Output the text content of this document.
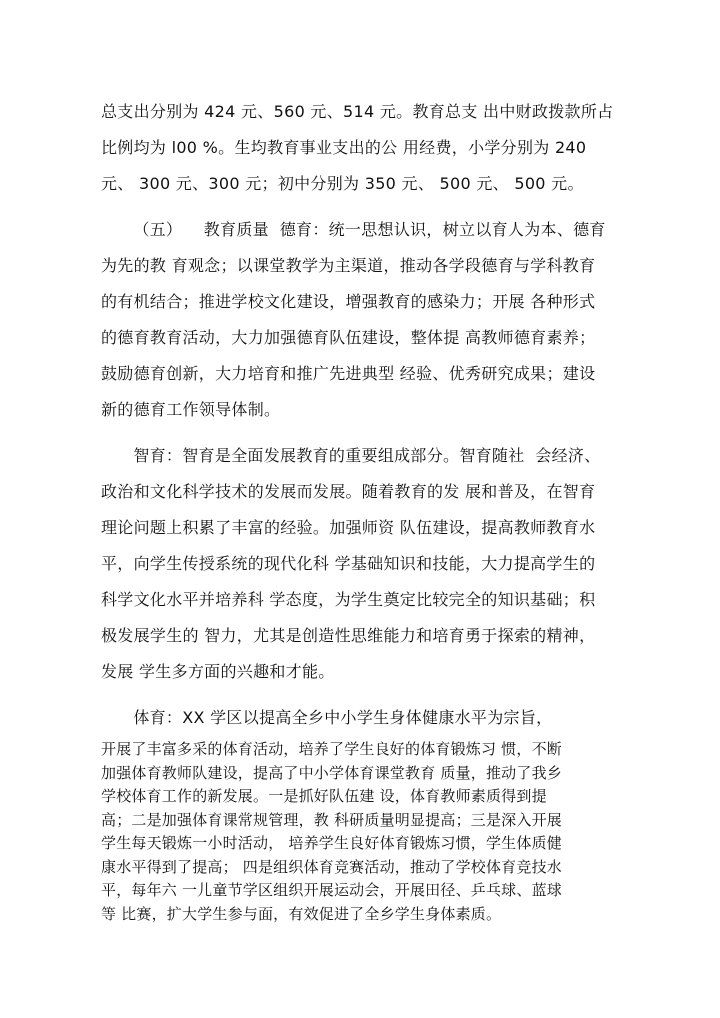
总支出分别为 424 元、560 元、514 元。教育总支 出中财政拨款所占
比例均为 l00 %。生均教育事业支出的公 用经费，小学分别为 240
元、 300 元、300 元；初中分别为 350 元、 500 元、 500 元。
（五）    教育质量  德育：统一思想认识，树立以育人为本、德育
为先的教 育观念；以课堂教学为主渠道，推动各学段德育与学科教育
的有机结合；推进学校文化建设，增强教育的感染力；开展 各种形式
的德育教育活动，大力加强德育队伍建设，整体提 高教师德育素养；
鼓励德育创新，大力培育和推广先进典型 经验、优秀研究成果；建设
新的德育工作领导体制。
智育：智育是全面发展教育的重要组成部分。智育随社  会经济、
政治和文化科学技术的发展而发展。随着教育的发 展和普及，在智育
理论问题上积累了丰富的经验。加强师资 队伍建设，提高教师教育水
平，向学生传授系统的现代化科 学基础知识和技能，大力提高学生的
科学文化水平并培养科 学态度，为学生奠定比较完全的知识基础；积
极发展学生的 智力，尤其是创造性思维能力和培育勇于探索的精神，
发展 学生多方面的兴趣和才能。
体育：XX 学区以提高全乡中小学生身体健康水平为宗旨，
开展了丰富多采的体育活动，培养了学生良好的体育锻炼习 惯，不断
加强体育教师队建设，提高了中小学体育课堂教育 质量，推动了我乡
学校体育工作的新发展。一是抓好队伍建 设，体育教师素质得到提
高；二是加强体育课常规管理，教 科研质量明显提高；三是深入开展
学生每天锻炼一小时活动， 培养学生良好体育锻炼习惯，学生体质健
康水平得到了提高； 四是组织体育竞赛活动，推动了学校体育竞技水
平，每年六 一儿童节学区组织开展运动会，开展田径、乒乓球、蓝球
等 比赛，扩大学生参与面，有效促进了全乡学生身体素质。
